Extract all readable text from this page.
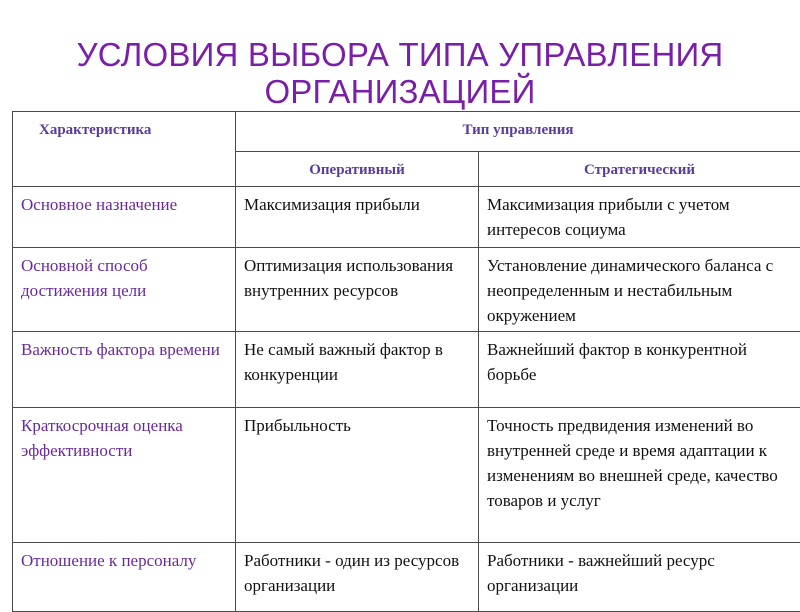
УСЛОВИЯ ВЫБОРА ТИПА УПРАВЛЕНИЯ
ОРГАНИЗАЦИЕЙ
Характеристика	Тип управления	
	Оперативный	Стратегический
Основное назначение	Максимизация прибыли	Максимизация прибыли с учетом интересов социума
Основной способ достижения цели	Оптимизация использования внутренних ресурсов	Установление динамического баланса с неопределенным и нестабильным окружением
Важность фактора времени	Не самый важный фактор в конкуренции	Важнейший фактор в конкурентной борьбе
Краткосрочная оценка эффективности	Прибыльность	Точность предвидения изменений во внутренней среде и время адаптации к изменениям во внешней среде, качество товаров и услуг
Отношение к персоналу	Работники - один из ресурсов организации	Работники - важнейший ресурс организации
